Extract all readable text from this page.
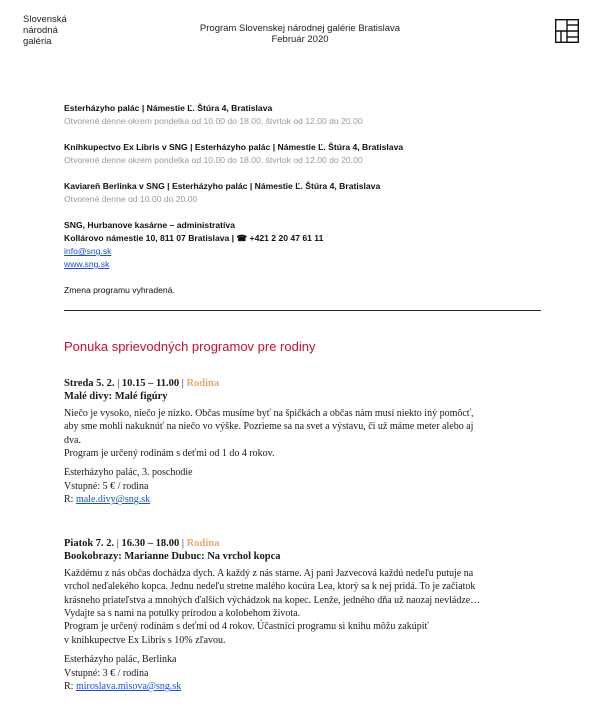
Slovenská
národná
galéria
Program Slovenskej národnej galérie Bratislava
Február 2020
Esterházyho palác | Námestie Ľ. Štúra 4, Bratislava
Otvorené denne okrem pondelka od 10.00 do 18.00, štvrtok od 12.00 do 20.00
Kníhkupectvo Ex Libris v SNG | Esterházyho palác | Námestie Ľ. Štúra 4, Bratislava
Otvorené denne okrem pondelka od 10.00 do 18.00, štvrtok od 12.00 do 20.00
Kaviareň Berlinka v SNG | Esterházyho palác | Námestie Ľ. Štúra 4, Bratislava
Otvorené denne od 10.00 do 20.00
SNG, Hurbanove kasárne – administratíva
Kollárovo námestie 10, 811 07 Bratislava | ☎ +421 2 20 47 61 11
info@sng.sk
www.sng.sk
Zmena programu vyhradená.
Ponuka sprievodných programov pre rodiny
Streda 5. 2. | 10.15 – 11.00 | Rodina
Malé divy: Malé figúry

Niečo je vysoko, niečo je nízko. Občas musíme byť na špičkách a občas nám musí niekto iný pomôcť,

aby sme mohli nakuknúť na niečo vo výške. Pozrieme sa na svet a výstavu, či už máme meter alebo aj

dva.

Program je určený rodinám s deťmi od 1 do 4 rokov.

Esterházyho palác, 3. poschodie

Vstupné: 5 € / rodina

R: male.divy@sng.sk

Piatok 7. 2. | 16.30 – 18.00 | Rodina
Bookobrazy: Marianne Dubuc: Na vrchol kopca

Každému z nás občas dochádza dych. A každý z nás starne. Aj pani Jazvecová každú nedeľu putuje na

vrchol neďalekého kopca. Jednu nedeľu stretne malého kocúra Lea, ktorý sa k nej pridá. To je začiatok

krásneho priateľstva a mnohých ďalších výchádzok na kopec. Lenže, jedného dňa už naozaj nevládze…

Vydajte sa s nami na potulky prírodou a kolobehom života.

Program je určený rodinám s deťmi od 4 rokov. Účastníci programu si knihu môžu zakúpiť

v kníhkupectve Ex Libris s 10% zľavou.

Esterházyho palác, Berlinka

Vstupné: 3 € / rodina

R: miroslava.misova@sng.sk
